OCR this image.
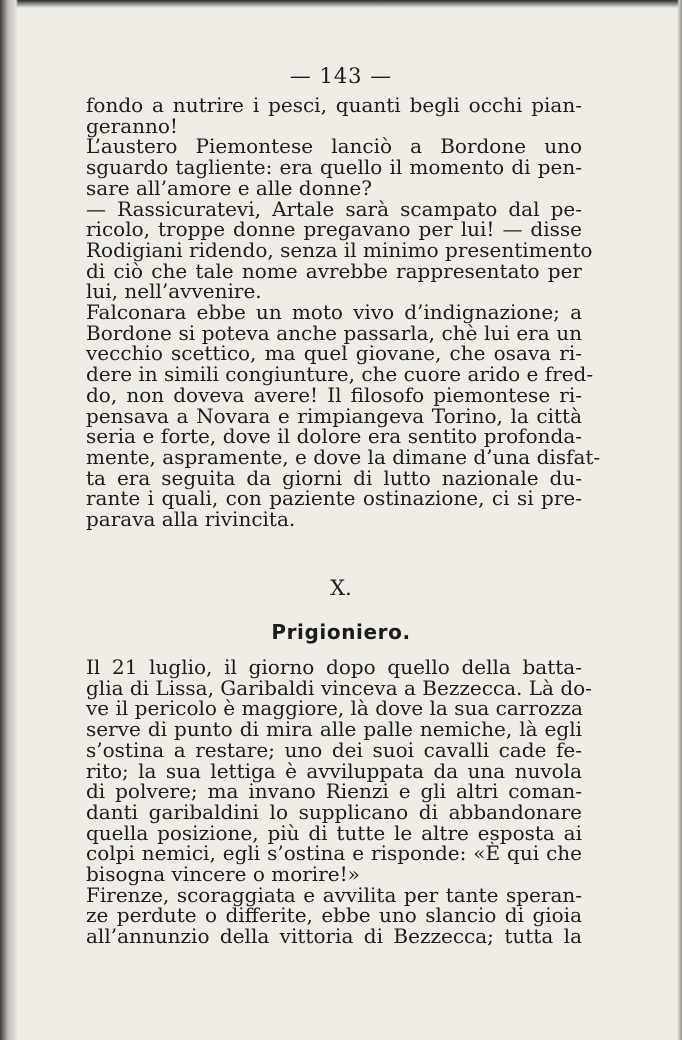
— 143 —
fondo a nutrire i pesci, quanti begli occhi pian-
geranno!
L’austero Piemontese lanciò a Bordone uno
sguardo tagliente: era quello il momento di pen-
sare all’amore e alle donne?
— Rassicuratevi, Artale sarà scampato dal pe-
ricolo, troppe donne pregavano per lui! — disse
Rodigiani ridendo, senza il minimo presentimento
di ciò che tale nome avrebbe rappresentato per
lui, nell’avvenire.
Falconara ebbe un moto vivo d’indignazione; a
Bordone si poteva anche passarla, chè lui era un
vecchio scettico, ma quel giovane, che osava ri-
dere in simili congiunture, che cuore arido e fred-
do, non doveva avere! Il filosofo piemontese ri-
pensava a Novara e rimpiangeva Torino, la città
seria e forte, dove il dolore era sentito profonda-
mente, aspramente, e dove la dimane d’una disfat-
ta era seguita da giorni di lutto nazionale du-
rante i quali, con paziente ostinazione, ci si pre-
parava alla rivincita.
X.
Prigioniero.
Il 21 luglio, il giorno dopo quello della batta-
glia di Lissa, Garibaldi vinceva a Bezzecca. Là do-
ve il pericolo è maggiore, là dove la sua carrozza
serve di punto di mira alle palle nemiche, là egli
s’ostina a restare; uno dei suoi cavalli cade fe-
rito; la sua lettiga è avviluppata da una nuvola
di polvere; ma invano Rienzi e gli altri coman-
danti garibaldini lo supplicano di abbandonare
quella posizione, più di tutte le altre esposta ai
colpi nemici, egli s’ostina e risponde: «È qui che
bisogna vincere o morire!»
Firenze, scoraggiata e avvilita per tante speran-
ze perdute o differite, ebbe uno slancio di gioia
all’annunzio della vittoria di Bezzecca; tutta la
